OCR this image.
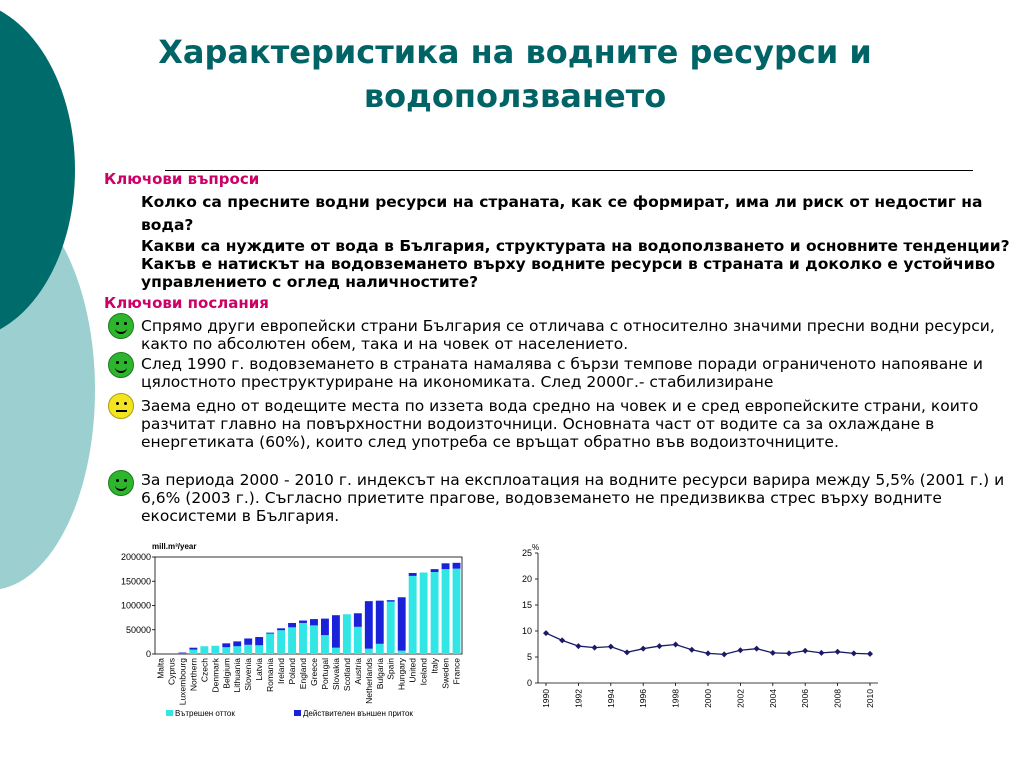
Характеристика на водните ресурси и водоползването
Ключови въпроси
Колко са пресните водни ресурси на страната, как се формират, има ли риск от недостиг на вода?
Какви са нуждите от вода в България, структурата на водоползването и основните тенденции? Какъв е натискът на водовземането върху водните ресурси в страната и доколко е устойчиво управлението с оглед наличностите?
Ключови послания
Спрямо други европейски страни България се отличава с относително значими пресни водни ресурси, както по абсолютен обем, така и на човек от населението.
След 1990 г. водовземането в страната намалява с бързи темпове поради ограниченото напояване и цялостното преструктуриране на икономиката. След 2000г.- стабилизиране
Заема едно от водещите места по иззета вода средно на човек и е сред европейските страни, които разчитат главно на повърхностни водоизточници. Основната част от водите са за охлаждане в енергетиката (60%), които след употреба се връщат обратно във водоизточниците.
За периода 2000 - 2010 г. индексът на експлоатация на водните ресурси варира между 5,5% (2001 г.) и 6,6% (2003 г.). Съгласно приетите прагове, водовземането не предизвиква стрес върху водните екосистеми в България.
mill.m³/year
0
50000
100000
150000
200000
Malta Cyprus Luxembourg Northern Czech Denmark Belgium Lithuania Slovenia Latvia Romania Ireland Poland England Greece Portugal Slovakia Scotland Austria Netherlands Bulgaria Spain Hungary United Iceland Italy Sweden France
Вътрешен отток	Действителен външен приток
%
0
5
10
15
20
25
1990	1992	1994	1996	1998	2000	2002	2004	2006	2008	2010
